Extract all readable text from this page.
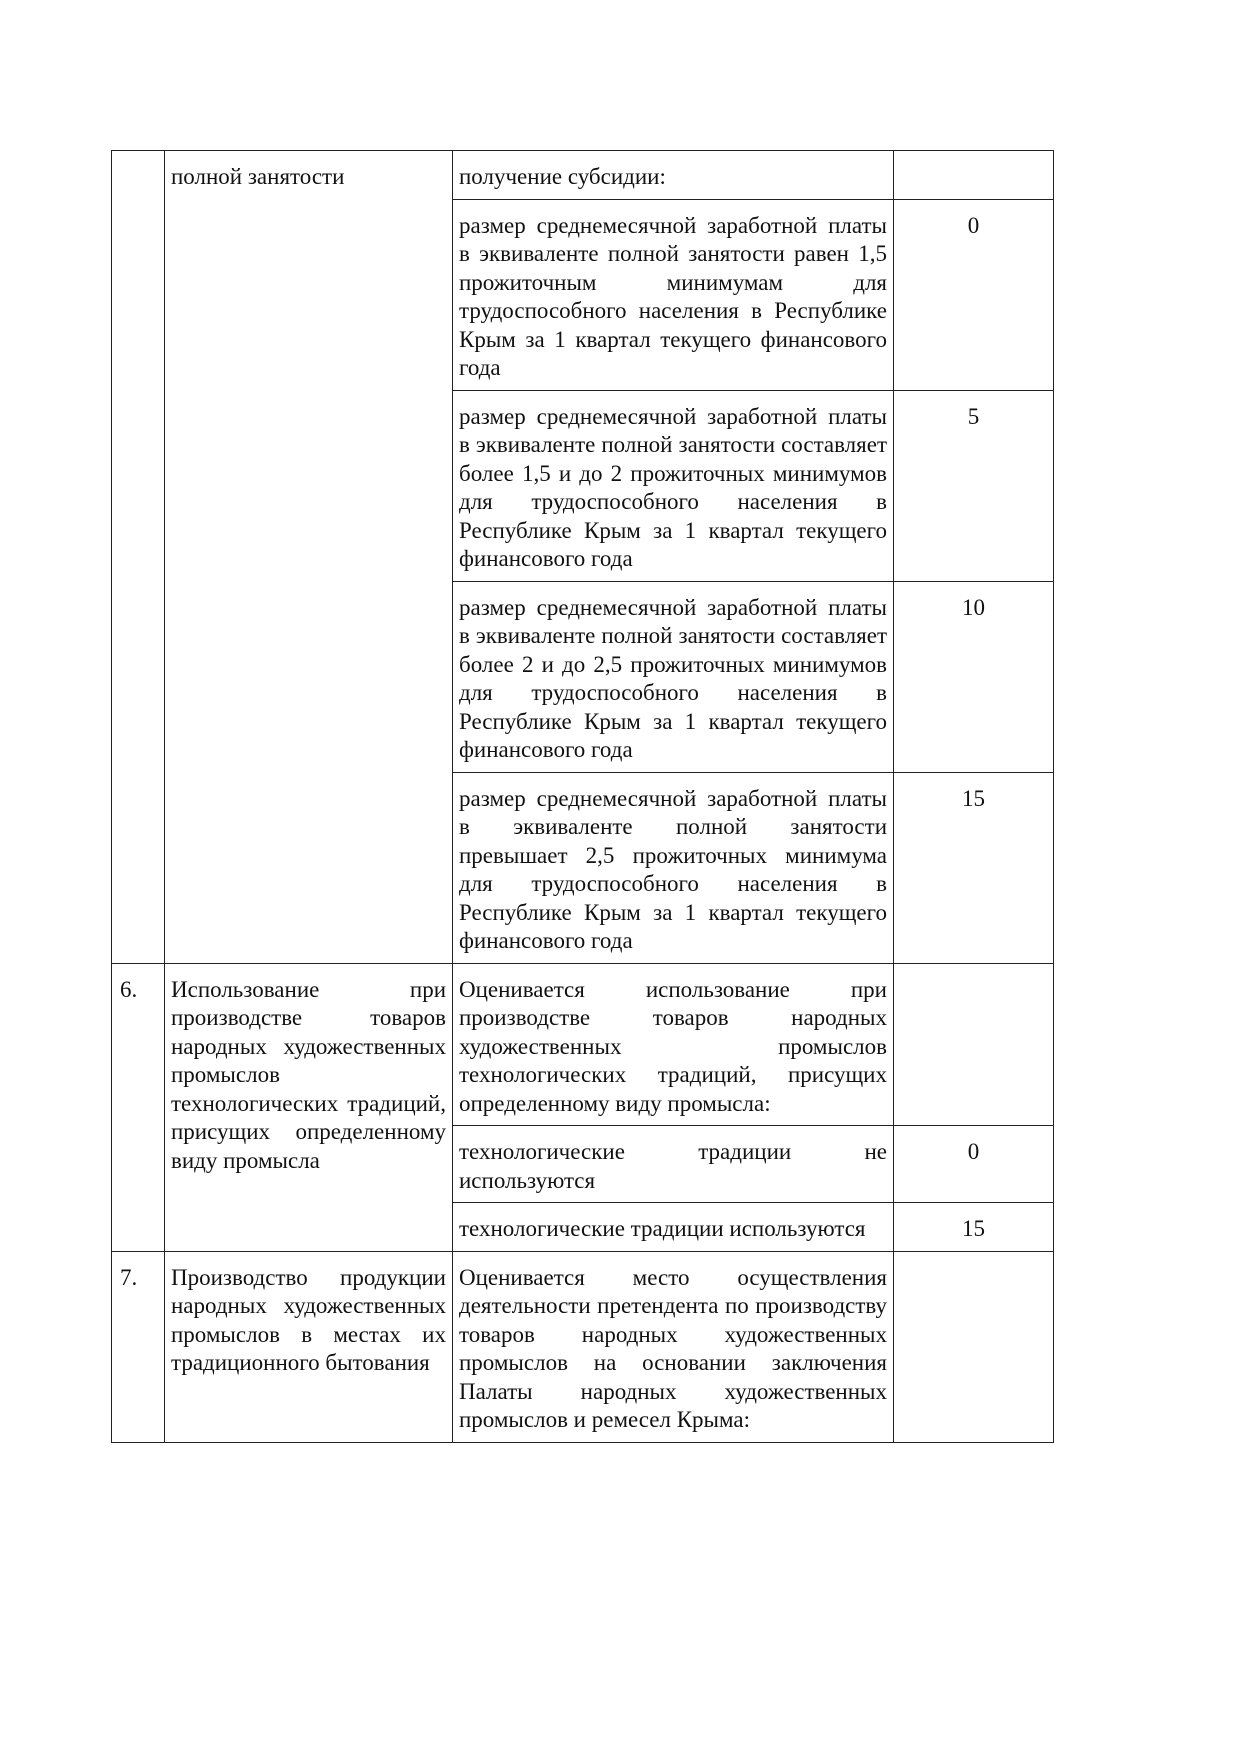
	полной занятости	получение субсидии:	
		размер среднемесячной заработной платы в эквиваленте полной занятости равен 1,5 прожиточным минимумам для трудоспособного населения в Республике Крым за 1 квартал текущего финансового года	0
		размер среднемесячной заработной платы в эквиваленте полной занятости составляет более 1,5 и до 2 прожиточных минимумов для трудоспособного населения в Республике Крым за 1 квартал текущего финансового года	5
		размер среднемесячной заработной платы в эквиваленте полной занятости составляет более 2 и до 2,5 прожиточных минимумов для трудоспособного населения в Республике Крым за 1 квартал текущего финансового года	10
		размер среднемесячной заработной платы в эквиваленте полной занятости превышает 2,5 прожиточных минимума для трудоспособного населения в Республике Крым за 1 квартал текущего финансового года	15
6.	Использование при производстве товаров народных художественных промыслов технологических традиций, присущих определенному виду промысла	Оценивается использование при производстве товаров народных художественных промыслов технологических традиций, присущих определенному виду промысла:	
		технологические традиции не используются	0
		технологические традиции используются	15
7.	Производство продукции народных художественных промыслов в местах их традиционного бытования	Оценивается место осуществления деятельности претендента по производству товаров народных художественных промыслов на основании заключения Палаты народных художественных промыслов и ремесел Крыма:	
